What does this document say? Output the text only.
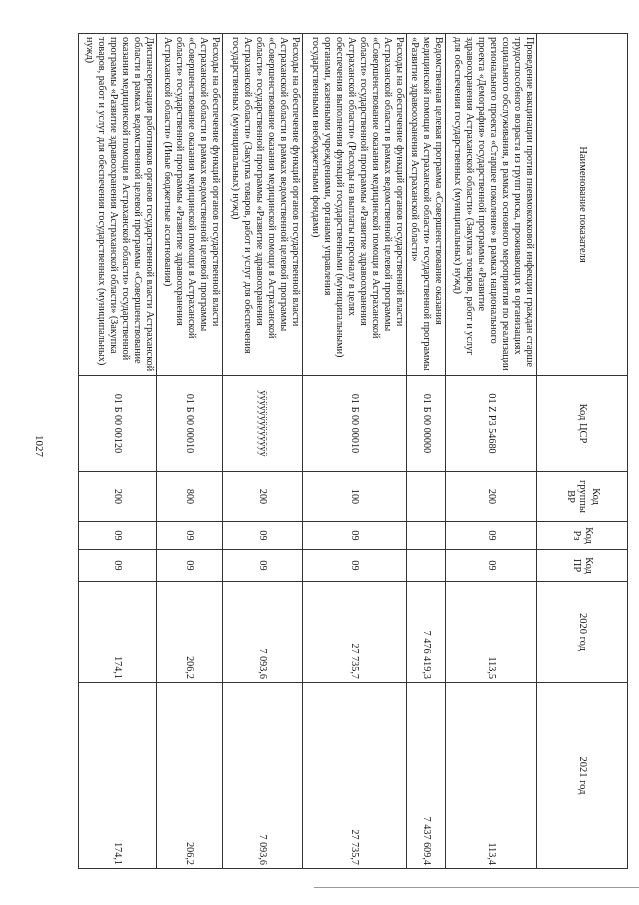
1027
Наименование показателя	Код ЦСР	Код группы ВР	Код Рз	Код ПР	2020 год	2021 год
Проведение вакцинации против пневмококковой инфекции граждан старше трудоспособного возраста из групп риска, проживающих в организациях социального обслуживания, в рамках основного мероприятия по реализации регионального проекта «Старшее поколение» в рамках национального проекта «Демография» государственной программы «Развитие здравоохранения Астраханской области» (Закупка товаров, работ и услуг для обеспечения государственных (муниципальных) нужд)	01 Z P3 54680	200	09	09	113,5	113,4
Ведомственная целевая программа «Совершенствование оказания медицинской помощи в Астраханской области» государственной программы «Развитие здравоохранения Астраханской области»	01 Б 00 00000				7 476 419,3	7 437 609,4
Расходы на обеспечение функций органов государственной власти Астраханской области в рамках ведомственной целевой программы «Совершенствование оказания медицинской помощи в Астраханской области» государственной программы «Развитие здравоохранения Астраханской области» (Расходы на выплаты персоналу в целях обеспечения выполнения функций государственными (муниципальными) органами, казенными учреждениями, органами управления государственными внебюджетными фондами)	01 Б 00 00010	100	09	09	27 735,7	27 735,7
Расходы на обеспечение функций органов государственной власти Астраханской области в рамках ведомственной целевой программы «Совершенствование оказания медицинской помощи в Астраханской области» государственной программы «Развитие здравоохранения Астраханской области» (Закупка товаров, работ и услуг для обеспечения государственных (муниципальных) нужд)	ÿÿÿÿÿÿÿÿÿÿÿÿÿ	200	09	09	7 093,6	7 093,6
Расходы на обеспечение функций органов государственной власти Астраханской области в рамках ведомственной целевой программы «Совершенствование оказания медицинской помощи в Астраханской области» государственной программы «Развитие здравоохранения Астраханской области» (Иные бюджетные ассигнования)	01 Б 00 00010	800	09	09	206,2	206,2
Диспансеризация работников органов государственной власти Астраханской области в рамках ведомственной целевой программы «Совершенствование оказания медицинской помощи в Астраханской области» государственной программы «Развитие здравоохранения Астраханской области» (Закупка товаров, работ и услуг для обеспечения государственных (муниципальных) нужд)	01 Б 00 00120	200	09	09	174,1	174,1
